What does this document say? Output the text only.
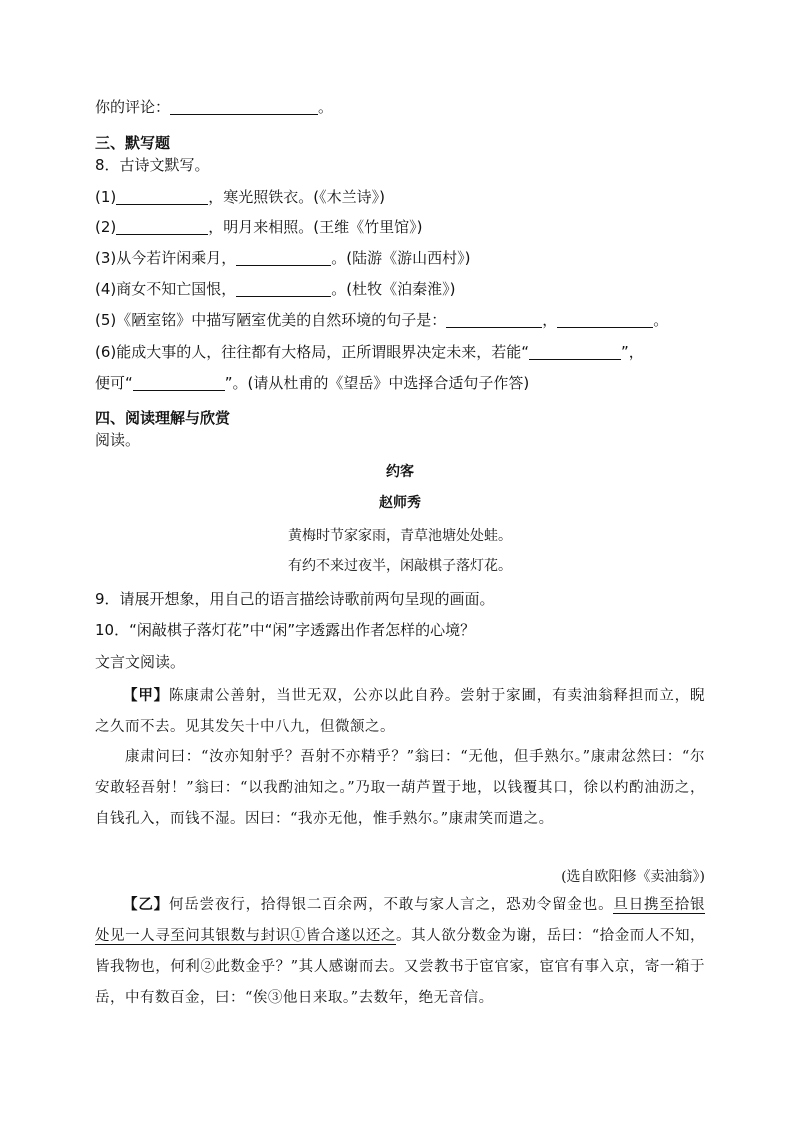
你的评论：	。
三、默写题
8．古诗文默写。
(1)	，寒光照铁衣。(《木兰诗》)
(2)	，明月来相照。(王维《竹里馆》)
(3)从今若许闲乘月，	。(陆游《游山西村》)
(4)商女不知亡国恨，	。(杜牧《泊秦淮》)
(5)《陋室铭》中描写陋室优美的自然环境的句子是：	，	。
(6)能成大事的人，往往都有大格局，正所谓眼界决定未来，若能“	”，
便可“	”。(请从杜甫的《望岳》中选择合适句子作答)
四、阅读理解与欣赏
阅读。
约客
赵师秀
黄梅时节家家雨，青草池塘处处蛙。
有约不来过夜半，闲敲棋子落灯花。
9．请展开想象，用自己的语言描绘诗歌前两句呈现的画面。
10．“闲敲棋子落灯花”中“闲”字透露出作者怎样的心境？
文言文阅读。
【甲】陈康肃公善射，当世无双，公亦以此自矜。尝射于家圃，有卖油翁释担而立，睨之久而不去。见其发矢十中八九，但微颔之。
康肃问曰：“汝亦知射乎？吾射不亦精乎？”翁曰：“无他，但手熟尔。”康肃忿然曰：“尔安敢轻吾射！”翁曰：“以我酌油知之。”乃取一葫芦置于地，以钱覆其口，徐以杓酌油沥之，自钱孔入，而钱不湿。因曰：“我亦无他，惟手熟尔。”康肃笑而遣之。
(选自欧阳修《卖油翁》)
【乙】何岳尝夜行，拾得银二百余两，不敢与家人言之，恐劝令留金也。旦日携至拾银处见一人寻至问其银数与封识①皆合遂以还之。其人欲分数金为谢，岳曰：“拾金而人不知，皆我物也，何利②此数金乎？”其人感谢而去。又尝教书于宦官家，宦官有事入京，寄一箱于岳，中有数百金，曰：“俟③他日来取。”去数年，绝无音信。
